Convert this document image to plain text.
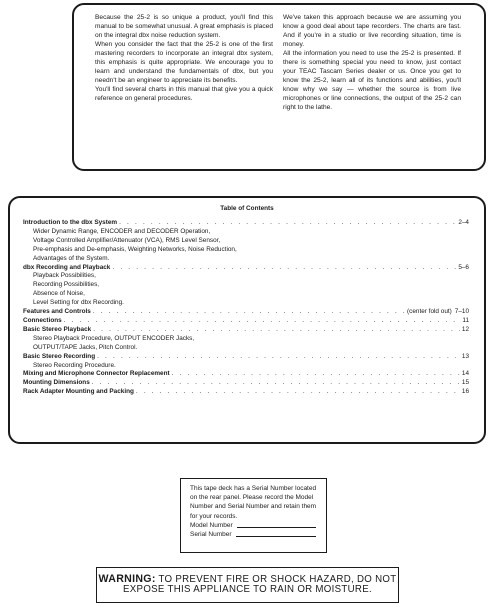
Because the 25-2 is so unique a product, you'll find this manual to be somewhat unusual. A great emphasis is placed on the integral dbx noise reduction system.

When you consider the fact that the 25-2 is one of the first mastering recorders to incorporate an integral dbx system, this emphasis is quite appropriate. We encourage you to learn and understand the fundamentals of dbx, but you needn't be an engineer to appreciate its benefits.

You'll find several charts in this manual that give you a quick reference on general procedures.

We've taken this approach because we are assuming you know a good deal about tape recorders. The charts are fast. And if you're in a studio or live recording situation, time is money.

All the information you need to use the 25-2 is presented. If there is something special you need to know, just contact your TEAC Tascam Series dealer or us. Once you get to know the 25-2, learn all of its functions and abilities, you'll know why we say — whether the source is from live microphones or line connections, the output of the 25-2 can right to the lathe.

Table of Contents
Introduction to the dbx System . . .	2–4
Wider Dynamic Range, ENCODER and DECODER Operation,
Voltage Controlled Amplifier/Attenuator (VCA), RMS Level Sensor,
Pre-emphasis and De-emphasis, Weighting Networks, Noise Reduction,
Advantages of the System.
dbx Recording and Playback . . .	5–6
Playback Possibilities,
Recording Possibilities,
Absence of Noise,
Level Setting for dbx Recording.
Features and Controls . . .	(center fold out) 7–10
Connections . . .	11
Basic Stereo Playback . . .	12
Stereo Playback Procedure, OUTPUT ENCODER Jacks,
OUTPUT/TAPE Jacks, Pitch Control.
Basic Stereo Recording . . .	13
Stereo Recording Procedure.
Mixing and Microphone Connector Replacement . . .	14
Mounting Dimensions . . .	15
Rack Adapter Mounting and Packing . . .	16
This tape deck has a Serial Number located on the rear panel. Please record the Model Number and Serial Number and retain them for your records.
Model Number
Serial Number
WARNING: TO PREVENT FIRE OR SHOCK HAZARD, DO NOT
EXPOSE THIS APPLIANCE TO RAIN OR MOISTURE.
